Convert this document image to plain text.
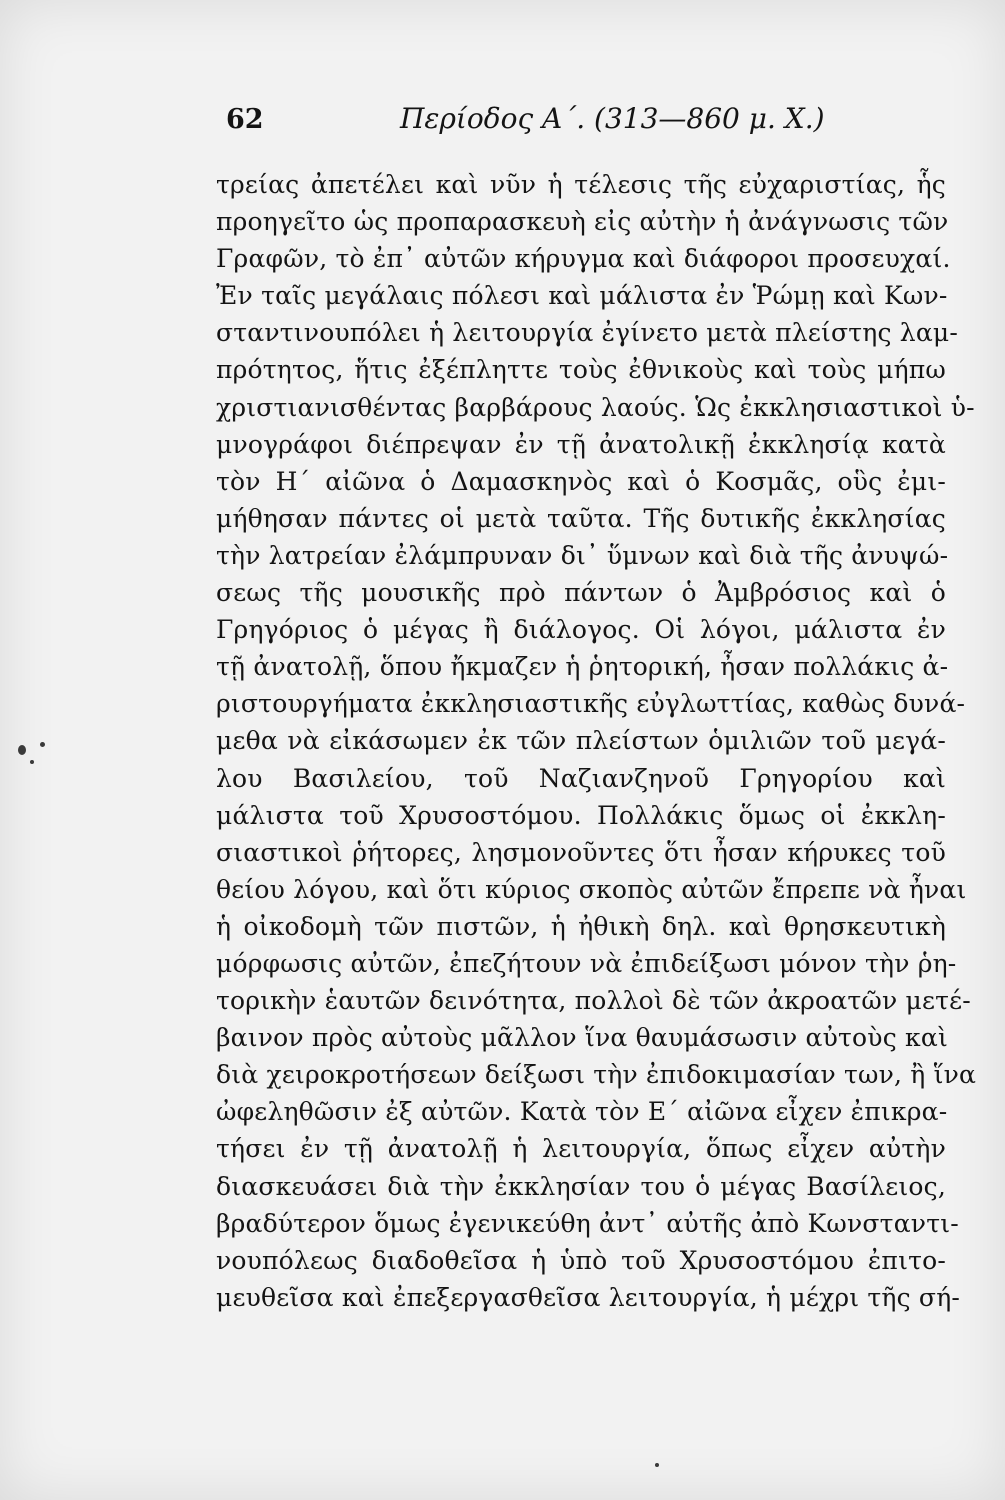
62	Περίοδος Α΄. (313—860 μ. Χ.)
τρείας ἀπετέλει καὶ νῦν ἡ τέλεσις τῆς εὐχαριστίας, ἧς
προηγεῖτο ὡς προπαρασκευὴ εἰς αὐτὴν ἡ ἀνάγνωσις τῶν
Γραφῶν, τὸ ἐπ᾿ αὐτῶν κήρυγμα καὶ διάφοροι προσευχαί.
Ἐν ταῖς μεγάλαις πόλεσι καὶ μάλιστα ἐν Ῥώμῃ καὶ Κων-
σταντινουπόλει ἡ λειτουργία ἐγίνετο μετὰ πλείστης λαμ-
πρότητος, ἥτις ἐξέπληττε τοὺς ἐθνικοὺς καὶ τοὺς μήπω
χριστιανισθέντας βαρβάρους λαούς. Ὡς ἐκκλησιαστικοὶ ὑ-
μνογράφοι διέπρεψαν ἐν τῇ ἀνατολικῇ ἐκκλησίᾳ κατὰ
τὸν Η΄ αἰῶνα ὁ Δαμασκηνὸς καὶ ὁ Κοσμᾶς, οὓς ἐμι-
μήθησαν πάντες οἱ μετὰ ταῦτα. Τῆς δυτικῆς ἐκκλησίας
τὴν λατρείαν ἐλάμπρυναν δι᾿ ὕμνων καὶ διὰ τῆς ἀνυψώ-
σεως τῆς μουσικῆς πρὸ πάντων ὁ Ἀμβρόσιος καὶ ὁ
Γρηγόριος ὁ μέγας ἢ διάλογος. Οἱ λόγοι, μάλιστα ἐν
τῇ ἀνατολῇ, ὅπου ἤκμαζεν ἡ ῥητορική, ἦσαν πολλάκις ἀ-
ριστουργήματα ἐκκλησιαστικῆς εὐγλωττίας, καθὼς δυνά-
μεθα νὰ εἰκάσωμεν ἐκ τῶν πλείστων ὁμιλιῶν τοῦ μεγά-
λου Βασιλείου, τοῦ Ναζιανζηνοῦ Γρηγορίου καὶ
μάλιστα τοῦ Χρυσοστόμου. Πολλάκις ὅμως οἱ ἐκκλη-
σιαστικοὶ ῥήτορες, λησμονοῦντες ὅτι ἦσαν κήρυκες τοῦ
θείου λόγου, καὶ ὅτι κύριος σκοπὸς αὐτῶν ἔπρεπε νὰ ἦναι
ἡ οἰκοδομὴ τῶν πιστῶν, ἡ ἠθικὴ δηλ. καὶ θρησκευτικὴ
μόρφωσις αὐτῶν, ἐπεζήτουν νὰ ἐπιδείξωσι μόνον τὴν ῥη-
τορικὴν ἑαυτῶν δεινότητα, πολλοὶ δὲ τῶν ἀκροατῶν μετέ-
βαινον πρὸς αὐτοὺς μᾶλλον ἵνα θαυμάσωσιν αὐτοὺς καὶ
διὰ χειροκροτήσεων δείξωσι τὴν ἐπιδοκιμασίαν των, ἢ ἵνα
ὠφεληθῶσιν ἐξ αὐτῶν. Κατὰ τὸν Ε΄ αἰῶνα εἶχεν ἐπικρα-
τήσει ἐν τῇ ἀνατολῇ ἡ λειτουργία, ὅπως εἶχεν αὐτὴν
διασκευάσει διὰ τὴν ἐκκλησίαν του ὁ μέγας Βασίλειος,
βραδύτερον ὅμως ἐγενικεύθη ἀντ᾿ αὐτῆς ἀπὸ Κωνσταντι-
νουπόλεως διαδοθεῖσα ἡ ὑπὸ τοῦ Χρυσοστόμου ἐπιτο-
μευθεῖσα καὶ ἐπεξεργασθεῖσα λειτουργία, ἡ μέχρι τῆς σή-
